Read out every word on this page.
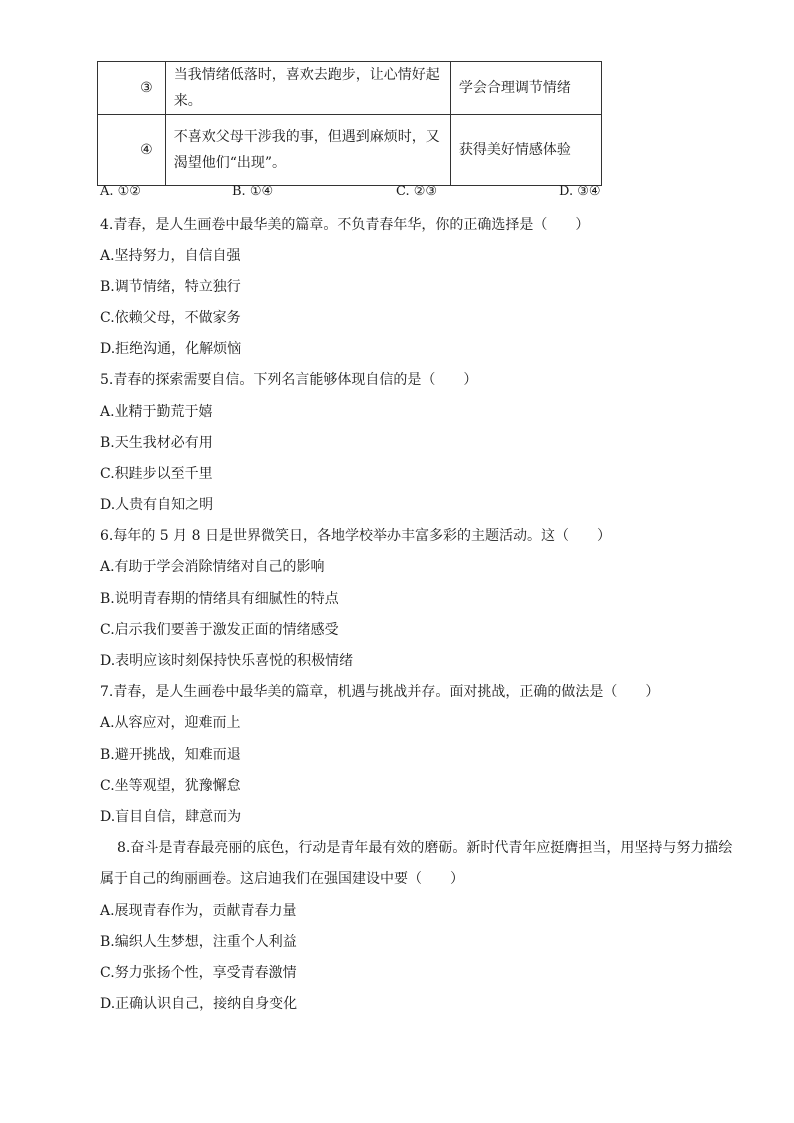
③	当我情绪低落时，喜欢去跑步，让心情好起来。	学会合理调节情绪
④	不喜欢父母干涉我的事，但遇到麻烦时，又渴望他们“出现”。	获得美好情感体验
A. ①②	B. ①④	C. ②③	D. ③④
4.青春，是人生画卷中最华美的篇章。不负青春年华，你的正确选择是（　　）
A.坚持努力，自信自强
B.调节情绪，特立独行
C.依赖父母，不做家务
D.拒绝沟通，化解烦恼
5.青春的探索需要自信。下列名言能够体现自信的是（　　）
A.业精于勤荒于嬉
B.天生我材必有用
C.积跬步以至千里
D.人贵有自知之明
6.每年的 5 月 8 日是世界微笑日，各地学校举办丰富多彩的主题活动。这（　　）
A.有助于学会消除情绪对自己的影响
B.说明青春期的情绪具有细腻性的特点
C.启示我们要善于激发正面的情绪感受
D.表明应该时刻保持快乐喜悦的积极情绪
7.青春，是人生画卷中最华美的篇章，机遇与挑战并存。面对挑战，正确的做法是（　　）
A.从容应对，迎难而上
B.避开挑战，知难而退
C.坐等观望，犹豫懈怠
D.盲目自信，肆意而为
8.奋斗是青春最亮丽的底色，行动是青年最有效的磨砺。新时代青年应挺膺担当，用坚持与努力描绘
属于自己的绚丽画卷。这启迪我们在强国建设中要（　　）
A.展现青春作为，贡献青春力量
B.编织人生梦想，注重个人利益
C.努力张扬个性，享受青春激情
D.正确认识自己，接纳自身变化
